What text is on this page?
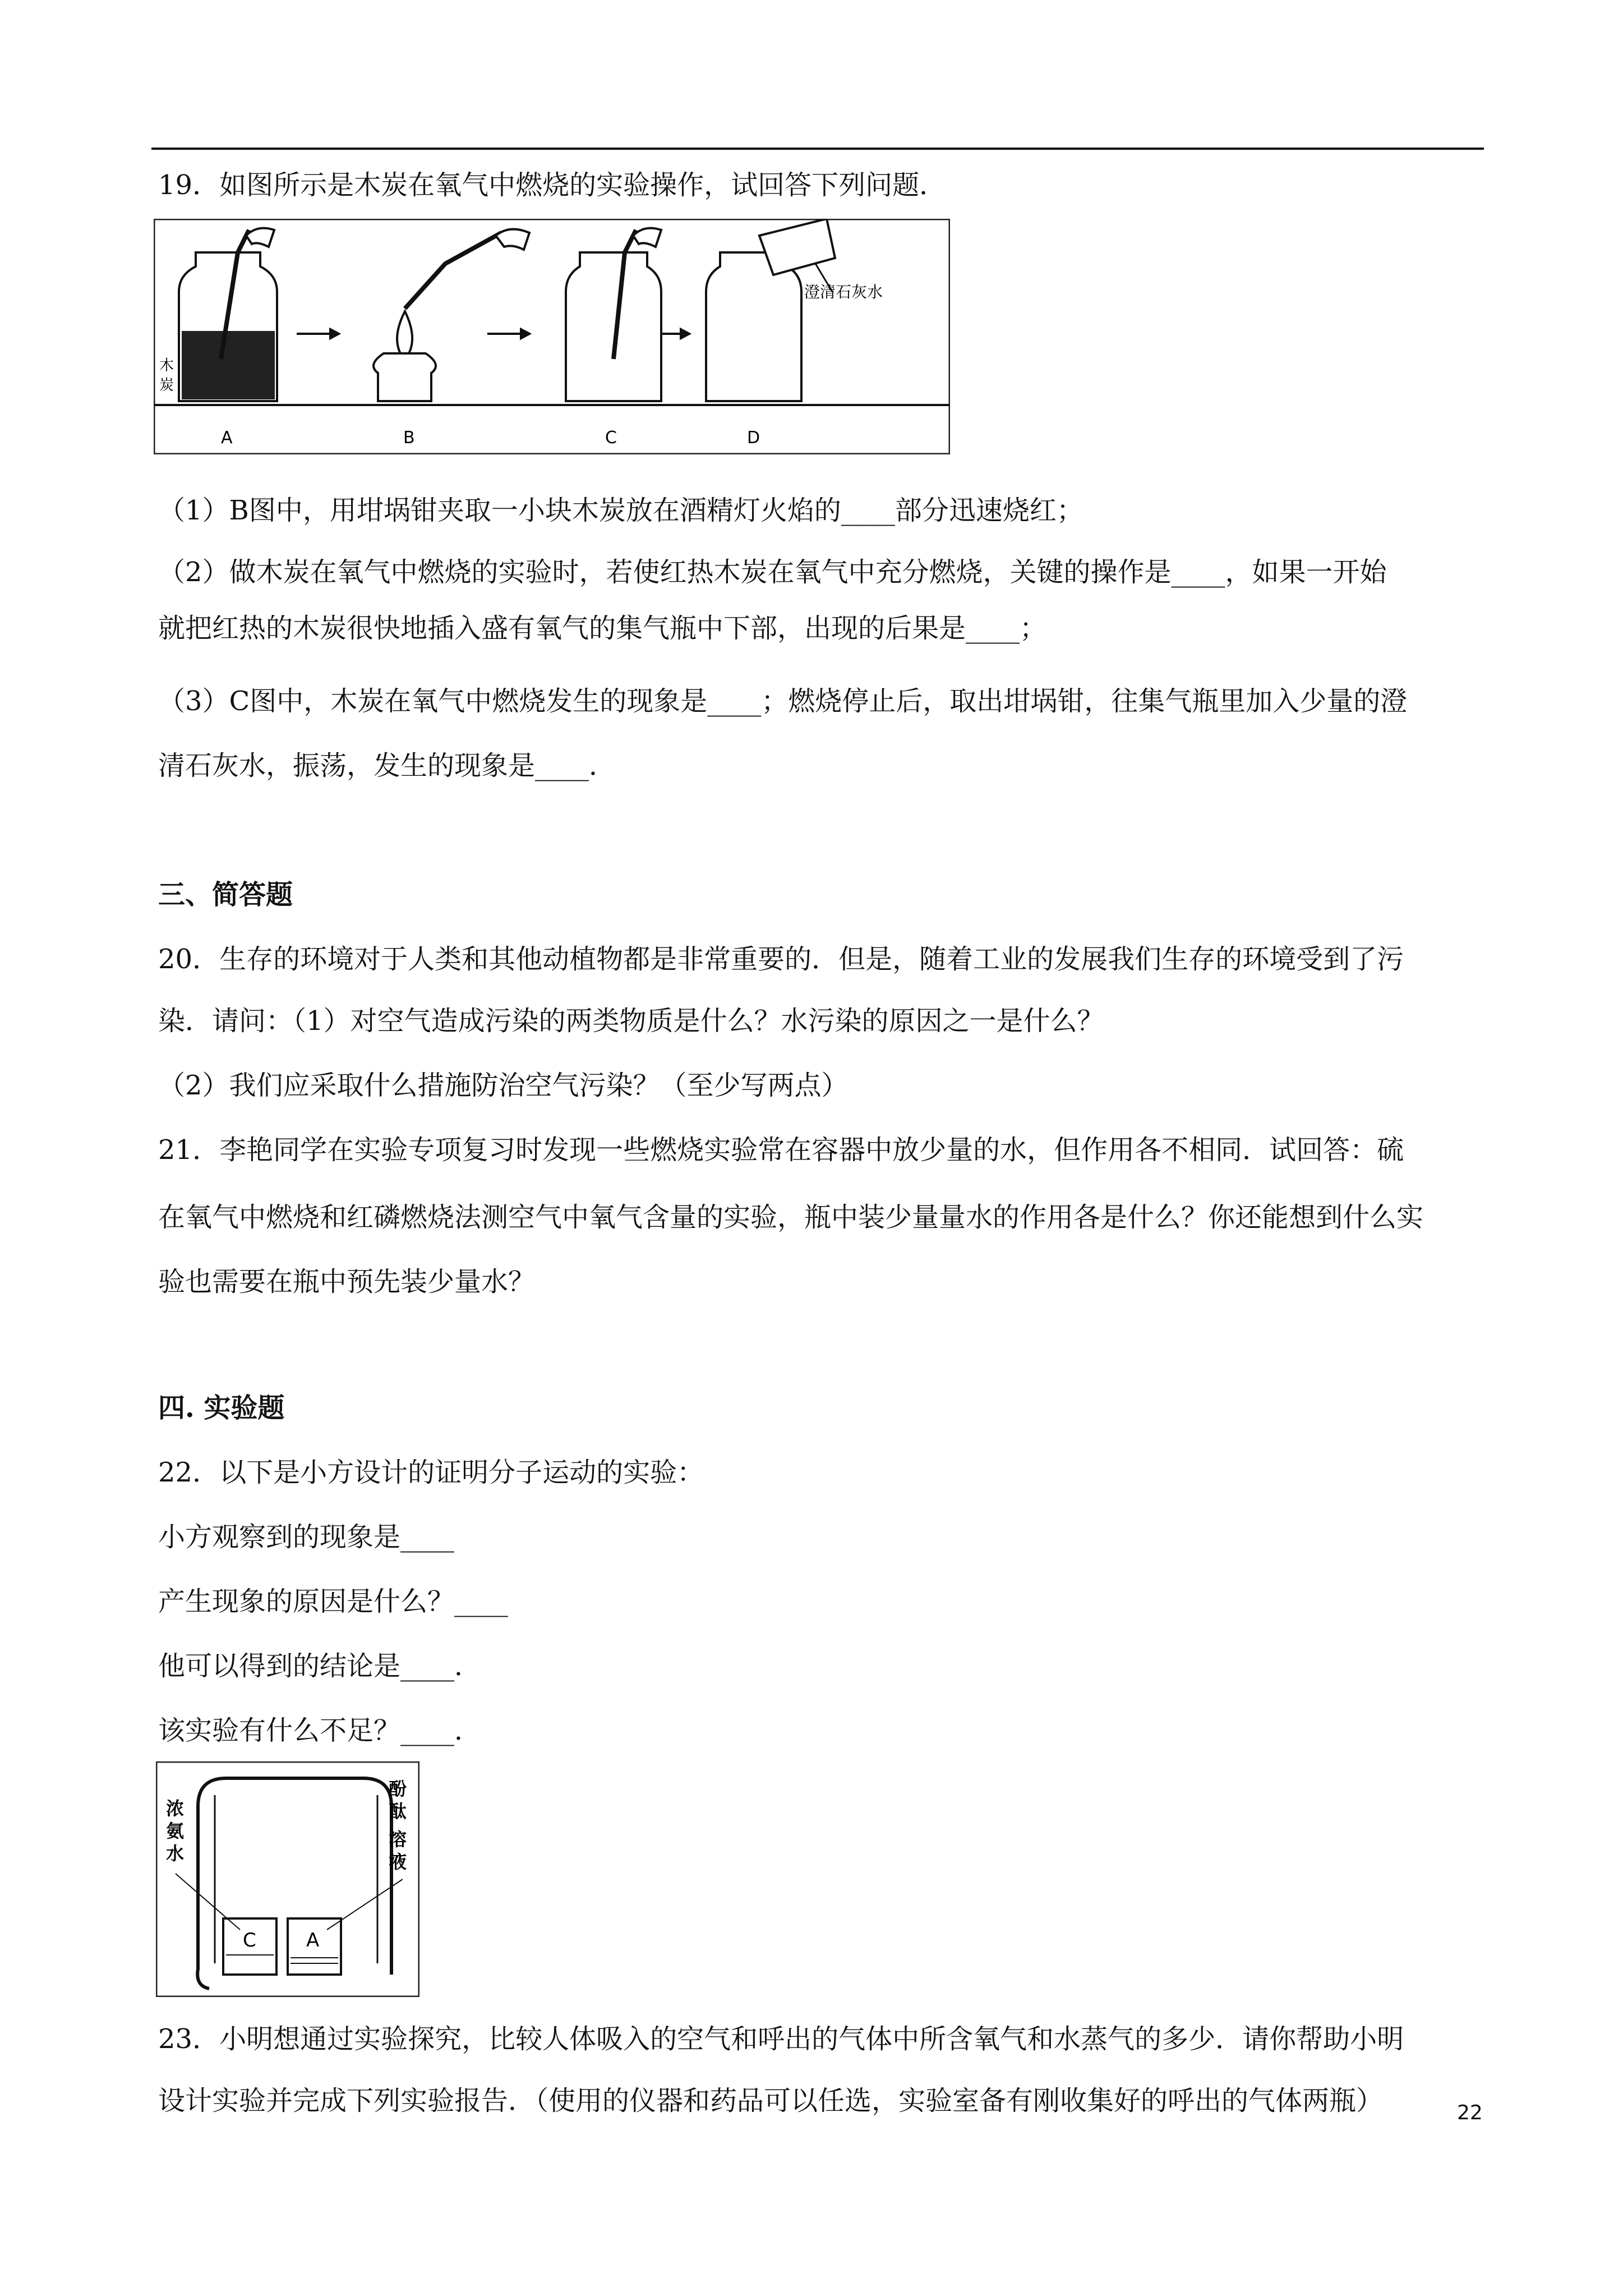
19．如图所示是木炭在氧气中燃烧的实验操作，试回答下列问题．
木
炭
澄清石灰水
A	B	C	D
（1）B图中，用坩埚钳夹取一小块木炭放在酒精灯火焰的____部分迅速烧红；
（2）做木炭在氧气中燃烧的实验时，若使红热木炭在氧气中充分燃烧，关键的操作是____，如果一开始
就把红热的木炭很快地插入盛有氧气的集气瓶中下部，出现的后果是____；
（3）C图中，木炭在氧气中燃烧发生的现象是____；燃烧停止后，取出坩埚钳，往集气瓶里加入少量的澄
清石灰水，振荡，发生的现象是____．
三、简答题
20．生存的环境对于人类和其他动植物都是非常重要的．但是，随着工业的发展我们生存的环境受到了污
染．请问：（1）对空气造成污染的两类物质是什么？水污染的原因之一是什么？
（2）我们应采取什么措施防治空气污染？（至少写两点）
21．李艳同学在实验专项复习时发现一些燃烧实验常在容器中放少量的水，但作用各不相同．试回答：硫
在氧气中燃烧和红磷燃烧法测空气中氧气含量的实验，瓶中装少量量水的作用各是什么？你还能想到什么实
验也需要在瓶中预先装少量水？
四. 实验题
22．以下是小方设计的证明分子运动的实验：
小方观察到的现象是____
产生现象的原因是什么？____
他可以得到的结论是____．
该实验有什么不足？____．
C	A
浓
氨
水
酚
酞
溶
液
23．小明想通过实验探究，比较人体吸入的空气和呼出的气体中所含氧气和水蒸气的多少．请你帮助小明
设计实验并完成下列实验报告．（使用的仪器和药品可以任选，实验室备有刚收集好的呼出的气体两瓶）	22
